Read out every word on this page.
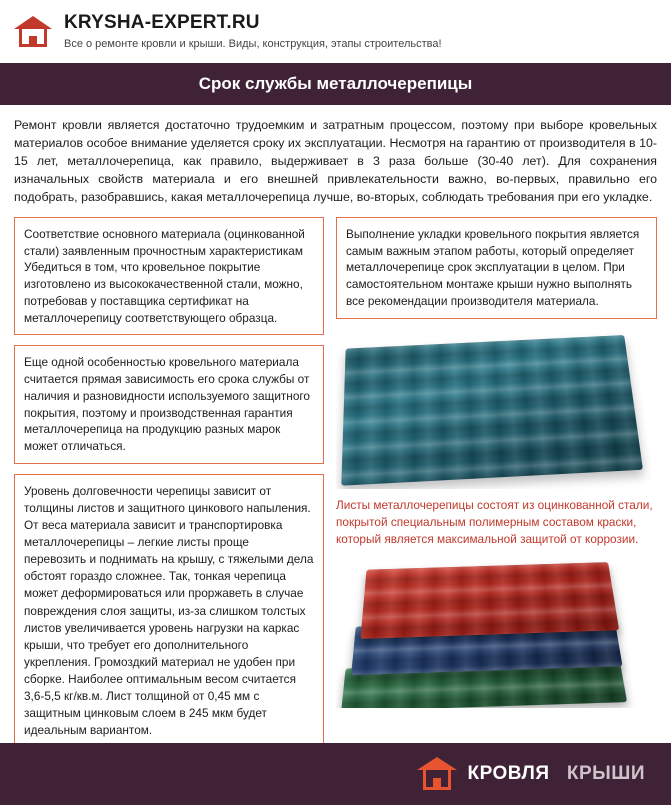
KRYSHA-EXPERT.RU
Все о ремонте кровли и крыши. Виды, конструкция, этапы строительства!
Срок службы металлочерепицы
Ремонт кровли является достаточно трудоемким и затратным процессом, поэтому при выборе кровельных материалов особое внимание уделяется сроку их эксплуатации. Несмотря на гарантию от производителя в 10-15 лет, металлочерепица, как правило, выдерживает в 3 раза больше (30-40 лет). Для сохранения изначальных свойств материала и его внешней привлекательности важно, во-первых, правильно его подобрать, разобравшись, какая металлочерепица лучше, во-вторых, соблюдать требования при его укладке.
Соответствие основного материала (оцинкованной стали) заявленным прочностным характеристикам Убедиться в том, что кровельное покрытие изготовлено из высококачественной стали, можно, потребовав у поставщика сертификат на металлочерепицу соответствующего образца.
Еще одной особенностью кровельного материала считается прямая зависимость его срока службы от наличия и разновидности используемого защитного покрытия, поэтому и производственная гарантия металлочерепица на продукцию разных марок может отличаться.
Уровень долговечности черепицы зависит от толщины листов и защитного цинкового напыления. От веса материала зависит и транспортировка металлочерепицы – легкие листы проще перевозить и поднимать на крышу, с тяжелыми дела обстоят гораздо сложнее. Так, тонкая черепица может деформироваться или проржаветь в случае повреждения слоя защиты, из-за слишком толстых листов увеличивается уровень нагрузки на каркас крыши, что требует его дополнительного укрепления. Громоздкий материал не удобен при сборке. Наиболее оптимальным весом считается 3,6-5,5 кг/кв.м. Лист толщиной от 0,45 мм с защитным цинковым слоем в 245 мкм будет идеальным вариантом.
Выполнение укладки кровельного покрытия является самым важным этапом работы, который определяет металлочерепице срок эксплуатации в целом. При самостоятельном монтаже крыши нужно выполнять все рекомендации производителя материала.
Листы металлочерепицы состоят из оцинкованной стали, покрытой специальным полимерным составом краски, который является максимальной защитой от коррозии.
КРОВЛЯ КРЫШИ
